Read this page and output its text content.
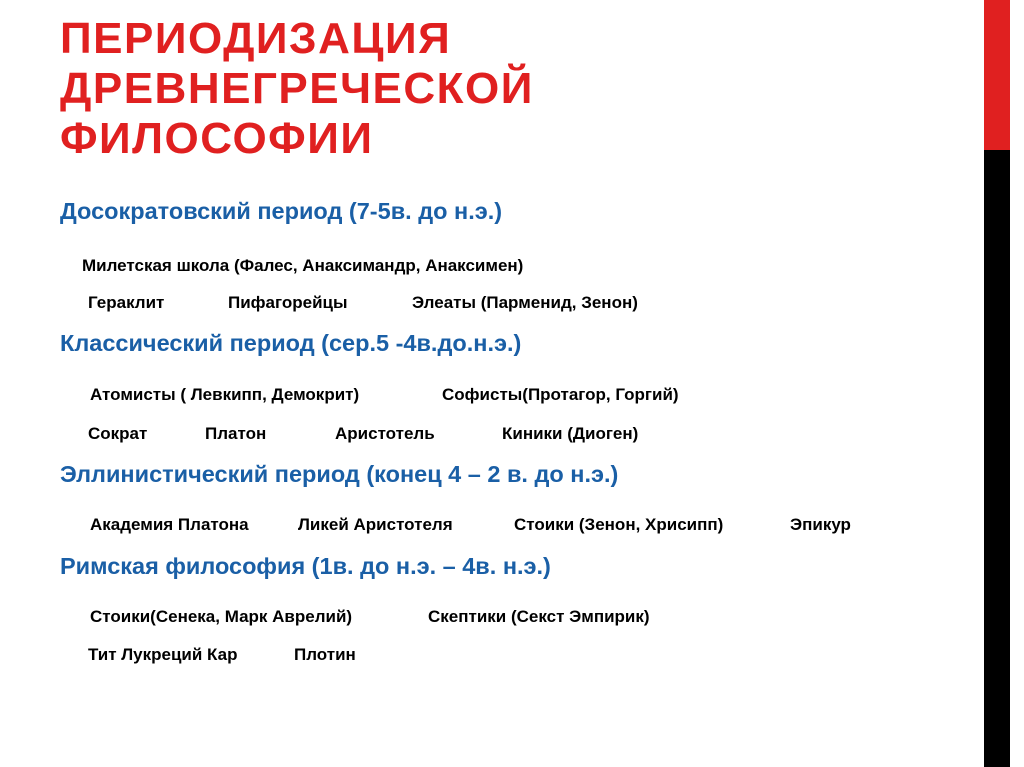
ПЕРИОДИЗАЦИЯ
ДРЕВНЕГРЕЧЕСКОЙ
ФИЛОСОФИИ
Досократовский период (7-5в. до н.э.)
Милетская школа (Фалес, Анаксимандр, Анаксимен)
Гераклит	Пифагорейцы	Элеаты (Парменид, Зенон)
Классический период (сер.5 -4в.до.н.э.)
Атомисты ( Левкипп, Демокрит)	Софисты(Протагор, Горгий)
Сократ	Платон	Аристотель	Киники (Диоген)
Эллинистический период (конец 4 – 2 в. до н.э.)
Академия Платона	Ликей Аристотеля	Стоики (Зенон, Хрисипп)	Эпикур
Римская философия (1в. до н.э. – 4в. н.э.)
Стоики(Сенека, Марк Аврелий)	Скептики (Секст Эмпирик)
Тит Лукреций Кар	Плотин
